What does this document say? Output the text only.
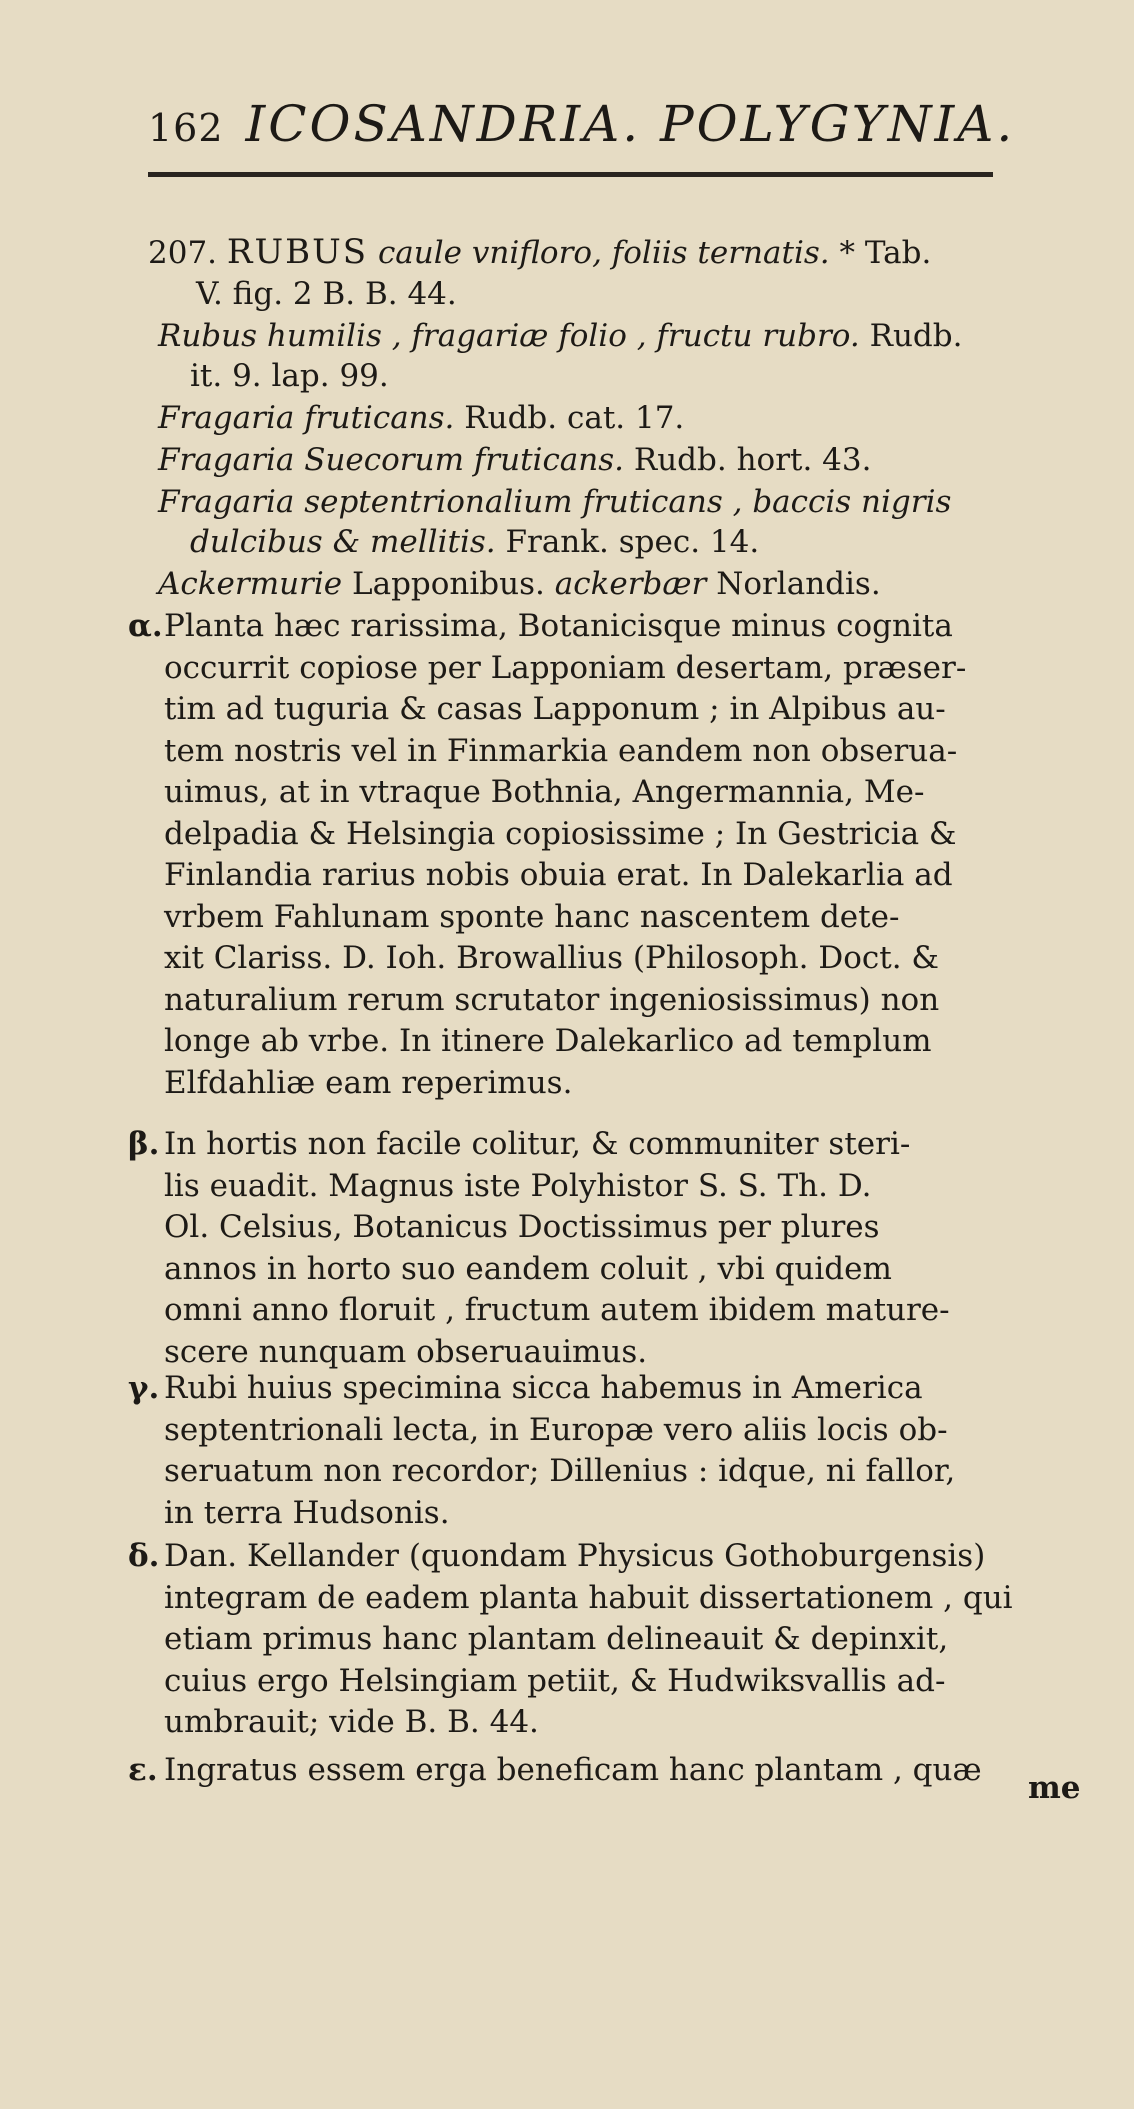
162 ICOSANDRIA. POLYGYNIA.
207. RUBUS caule vnifloro, foliis ternatis. * Tab.
V. fig. 2 B. B. 44.
Rubus humilis , fragariæ folio , fructu rubro. Rudb.
it. 9. lap. 99.
Fragaria fruticans. Rudb. cat. 17.
Fragaria Suecorum fruticans. Rudb. hort. 43.
Fragaria septentrionalium fruticans , baccis nigris
dulcibus & mellitis. Frank. spec. 14.
Ackermurie Lapponibus. ackerbær Norlandis.
α.Planta hæc rarissima, Botanicisque minus cognita
occurrit copiose per Lapponiam desertam, præser-
tim ad tuguria & casas Lapponum ; in Alpibus au-
tem nostris vel in Finmarkia eandem non obserua-
uimus, at in vtraque Bothnia, Angermannia, Me-
delpadia & Helsingia copiosissime ; In Gestricia &
Finlandia rarius nobis obuia erat. In Dalekarlia ad
vrbem Fahlunam sponte hanc nascentem dete-
xit Clariss. D. Ioh. Browallius (Philosoph. Doct. &
naturalium rerum scrutator ingeniosissimus) non
longe ab vrbe. In itinere Dalekarlico ad templum
Elfdahliæ eam reperimus.
β. In hortis non facile colitur, & communiter steri-
lis euadit. Magnus iste Polyhistor S. S. Th. D.
Ol. Celsius, Botanicus Doctissimus per plures
annos in horto suo eandem coluit , vbi quidem
omni anno floruit , fructum autem ibidem mature-
scere nunquam obseruauimus.
γ. Rubi huius specimina sicca habemus in America
septentrionali lecta, in Europæ vero aliis locis ob-
seruatum non recordor; Dillenius : idque, ni fallor,
in terra Hudsonis.
δ. Dan. Kellander (quondam Physicus Gothoburgensis)
integram de eadem planta habuit dissertationem , qui
etiam primus hanc plantam delineauit & depinxit,
cuius ergo Helsingiam petiit, & Hudwiksvallis ad-
umbrauit; vide B. B. 44.
ε. Ingratus essem erga beneficam hanc plantam , quæ me
